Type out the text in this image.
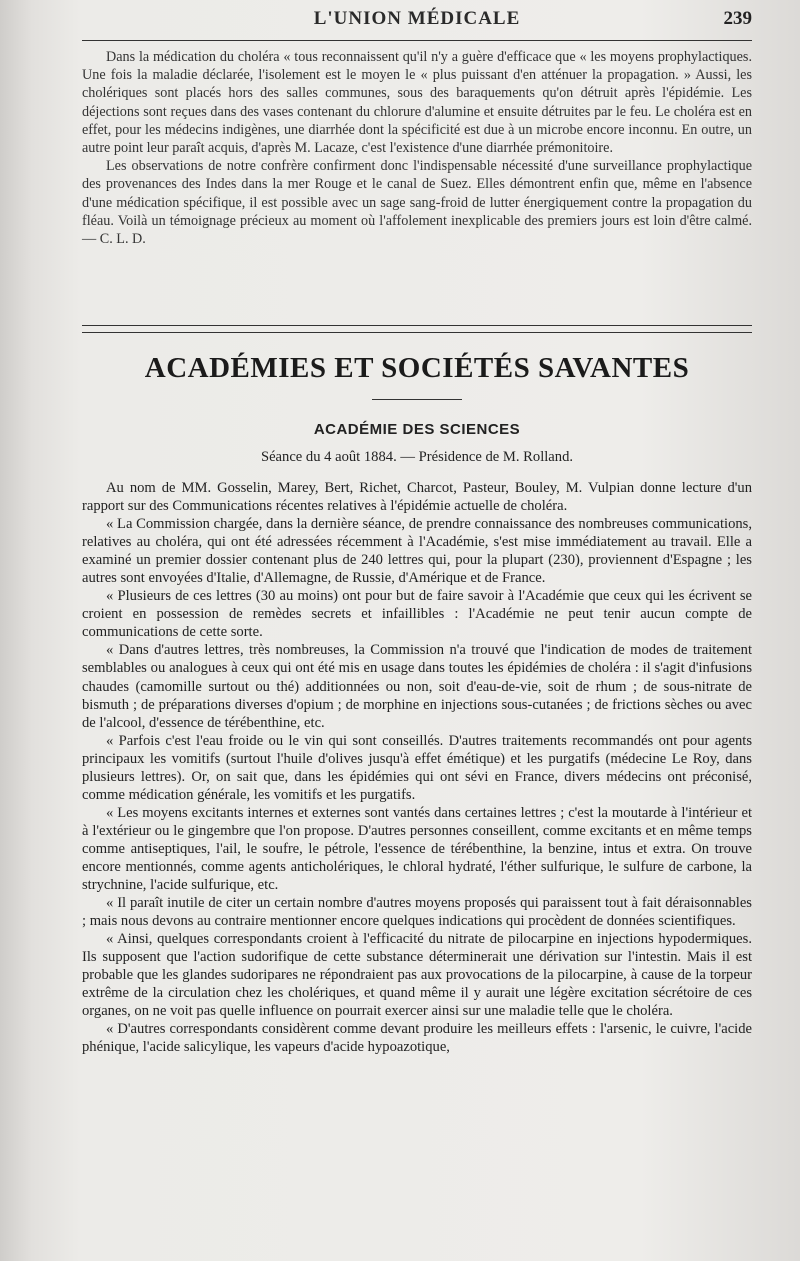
L'UNION MÉDICALE	239

Dans la médication du choléra « tous reconnaissent qu'il n'y a guère d'efficace que « les moyens prophylactiques. Une fois la maladie déclarée, l'isolement est le moyen le « plus puissant d'en atténuer la propagation. » Aussi, les cholériques sont placés hors des salles communes, sous des baraquements qu'on détruit après l'épidémie. Les déjections sont reçues dans des vases contenant du chlorure d'alumine et ensuite détruites par le feu. Le choléra est en effet, pour les médecins indigènes, une diarrhée dont la spécificité est due à un microbe encore inconnu. En outre, un autre point leur paraît acquis, d'après M. Lacaze, c'est l'existence d'une diarrhée prémonitoire.

Les observations de notre confrère confirment donc l'indispensable nécessité d'une surveillance prophylactique des provenances des Indes dans la mer Rouge et le canal de Suez. Elles démontrent enfin que, même en l'absence d'une médication spécifique, il est possible avec un sage sang-froid de lutter énergiquement contre la propagation du fléau. Voilà un témoignage précieux au moment où l'affolement inexplicable des premiers jours est loin d'être calmé. — C. L. D.

ACADÉMIES ET SOCIÉTÉS SAVANTES
ACADÉMIE DES SCIENCES
Séance du 4 août 1884. — Présidence de M. Rolland.

Au nom de MM. Gosselin, Marey, Bert, Richet, Charcot, Pasteur, Bouley, M. Vulpian donne lecture d'un rapport sur des Communications récentes relatives à l'épidémie actuelle de choléra.

« La Commission chargée, dans la dernière séance, de prendre connaissance des nombreuses communications, relatives au choléra, qui ont été adressées récemment à l'Académie, s'est mise immédiatement au travail. Elle a examiné un premier dossier contenant plus de 240 lettres qui, pour la plupart (230), proviennent d'Espagne ; les autres sont envoyées d'Italie, d'Allemagne, de Russie, d'Amérique et de France.

« Plusieurs de ces lettres (30 au moins) ont pour but de faire savoir à l'Académie que ceux qui les écrivent se croient en possession de remèdes secrets et infaillibles : l'Académie ne peut tenir aucun compte de communications de cette sorte.

« Dans d'autres lettres, très nombreuses, la Commission n'a trouvé que l'indication de modes de traitement semblables ou analogues à ceux qui ont été mis en usage dans toutes les épidémies de choléra : il s'agit d'infusions chaudes (camomille surtout ou thé) additionnées ou non, soit d'eau-de-vie, soit de rhum ; de sous-nitrate de bismuth ; de préparations diverses d'opium ; de morphine en injections sous-cutanées ; de frictions sèches ou avec de l'alcool, d'essence de térébenthine, etc.

« Parfois c'est l'eau froide ou le vin qui sont conseillés. D'autres traitements recommandés ont pour agents principaux les vomitifs (surtout l'huile d'olives jusqu'à effet émétique) et les purgatifs (médecine Le Roy, dans plusieurs lettres). Or, on sait que, dans les épidémies qui ont sévi en France, divers médecins ont préconisé, comme médication générale, les vomitifs et les purgatifs.

« Les moyens excitants internes et externes sont vantés dans certaines lettres ; c'est la moutarde à l'intérieur et à l'extérieur ou le gingembre que l'on propose. D'autres personnes conseillent, comme excitants et en même temps comme antiseptiques, l'ail, le soufre, le pétrole, l'essence de térébenthine, la benzine, intus et extra. On trouve encore mentionnés, comme agents anticholériques, le chloral hydraté, l'éther sulfurique, le sulfure de carbone, la strychnine, l'acide sulfurique, etc.

« Il paraît inutile de citer un certain nombre d'autres moyens proposés qui paraissent tout à fait déraisonnables ; mais nous devons au contraire mentionner encore quelques indications qui procèdent de données scientifiques.

« Ainsi, quelques correspondants croient à l'efficacité du nitrate de pilocarpine en injections hypodermiques. Ils supposent que l'action sudorifique de cette substance déterminerait une dérivation sur l'intestin. Mais il est probable que les glandes sudoripares ne répondraient pas aux provocations de la pilocarpine, à cause de la torpeur extrême de la circulation chez les cholériques, et quand même il y aurait une légère excitation sécrétoire de ces organes, on ne voit pas quelle influence on pourrait exercer ainsi sur une maladie telle que le choléra.

« D'autres correspondants considèrent comme devant produire les meilleurs effets : l'arsenic, le cuivre, l'acide phénique, l'acide salicylique, les vapeurs d'acide hypoazotique,
